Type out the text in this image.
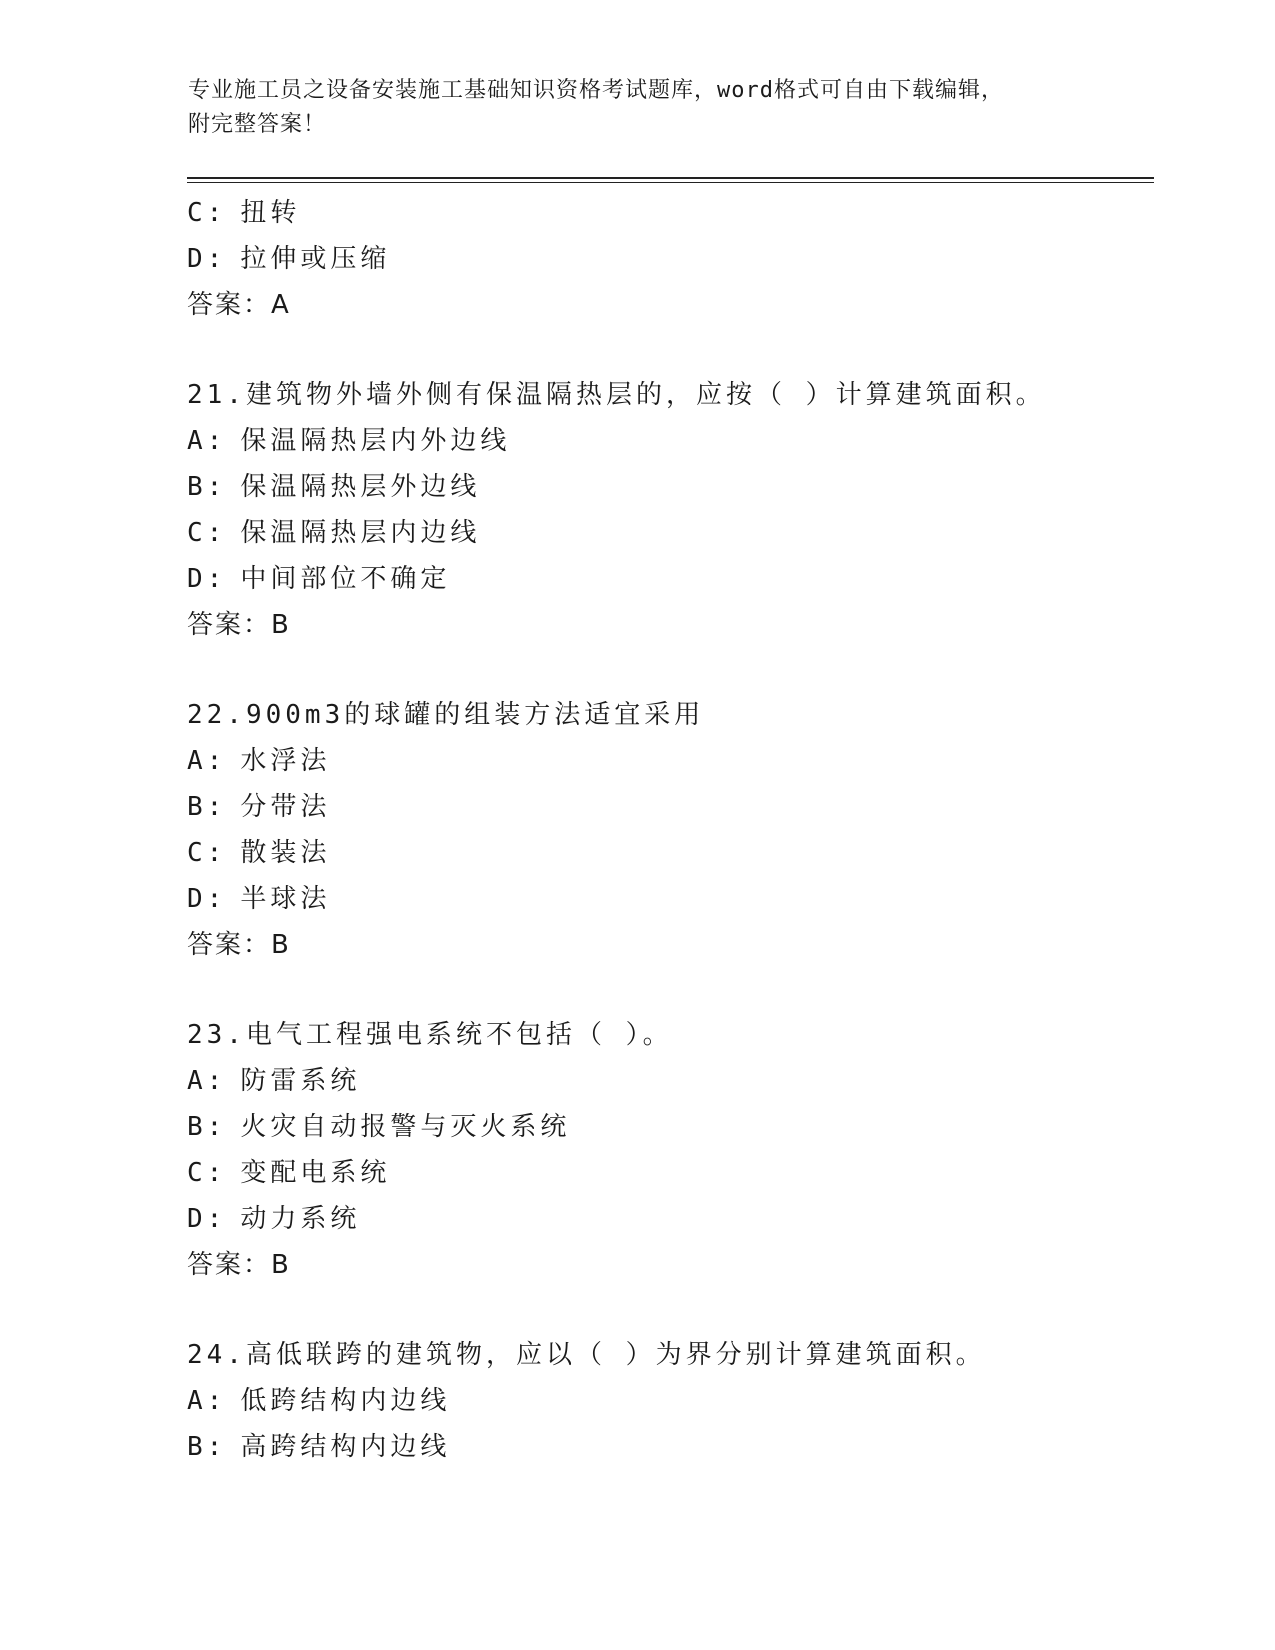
专业施工员之设备安装施工基础知识资格考试题库，word格式可自由下载编辑，
附完整答案！
C: 扭转
D: 拉伸或压缩
答案：A
21.建筑物外墙外侧有保温隔热层的，应按（ ）计算建筑面积。
A: 保温隔热层内外边线
B: 保温隔热层外边线
C: 保温隔热层内边线
D: 中间部位不确定
答案：B
22.900m3的球罐的组装方法适宜采用
A: 水浮法
B: 分带法
C: 散装法
D: 半球法
答案：B
23.电气工程强电系统不包括（ ）。
A: 防雷系统
B: 火灾自动报警与灭火系统
C: 变配电系统
D: 动力系统
答案：B
24.高低联跨的建筑物，应以（ ）为界分别计算建筑面积。
A: 低跨结构内边线
B: 高跨结构内边线
